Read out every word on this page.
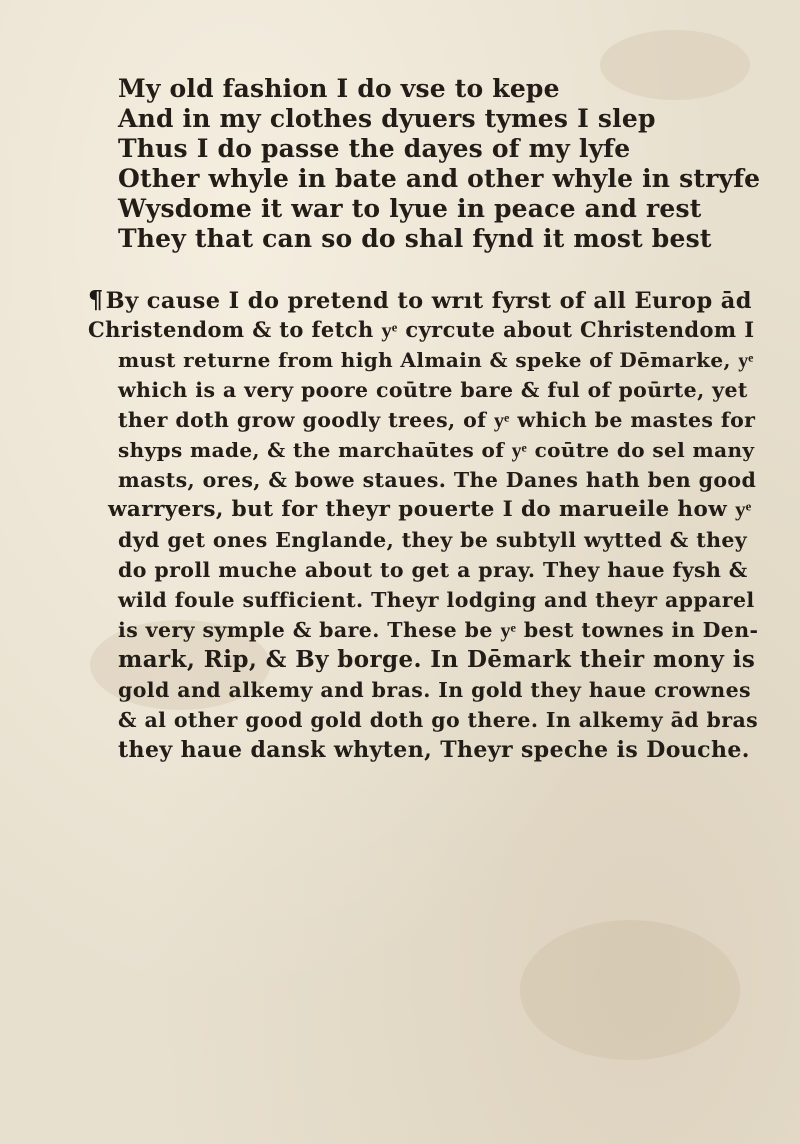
My old fashion I do vse to kepe
And in my clothes dyuers tymes I slep
Thus I do passe the dayes of my lyfe
Other whyle in bate and other whyle in stryfe
Wysdome it war to lyue in peace and rest
They that can so do shal fynd it most best
¶By cause I do pretend to wrıt fyrst of all Europ ād
Christendom & to fetch yͤ cyrcute about Christendom I
must returne from high Almain & speke of Dēmarke, yͤ
which is a very poore coūtre bare & ful of poūrte, yet
ther doth grow goodly trees, of yͤ which be mastes for
shyps made, & the marchaūtes of yͤ coūtre do sel many
masts, ores, & bowe staues. The Danes hath ben good
warryers, but for theyr pouerte I do marueile how yͤ
dyd get ones Englande, they be subtyll wytted & they
do proll muche about to get a pray. They haue fysh &
wild foule sufficient. Theyr lodging and theyr apparel
is very symple & bare. These be yͤ best townes in Den-
mark, Rip, & By borge. In Dēmark their mony is
gold and alkemy and bras. In gold they haue crownes
& al other good gold doth go there. In alkemy ād bras
they haue dansk whyten, Theyr speche is Douche.
